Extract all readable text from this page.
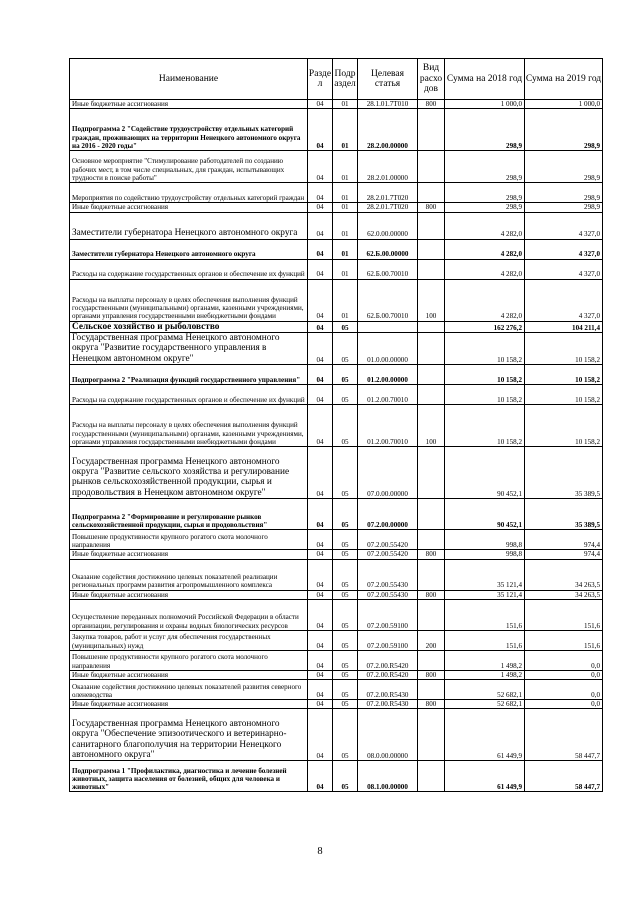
Наименование	Разде л	Подр аздел	Целевая статья	Вид расхо дов	Сумма на 2018 год	Сумма на 2019 год
Иные бюджетные ассигнования	04	01	28.1.01.7Т010	800	1 000,0	1 000,0
Подпрограмма 2 "Содействие трудоустройству отдельных категорий граждан, проживающих на территории Ненецкого автономного округа на 2016 - 2020 годы"	04	01	28.2.00.00000		298,9	298,9
Основное мероприятие "Стимулирование работодателей по созданию рабочих мест, в том числе специальных, для граждан, испытывающих трудности в поиске работы"	04	01	28.2.01.00000		298,9	298,9
Мероприятия по содействию трудоустройству отдельных категорий граждан	04	01	28.2.01.7Т020		298,9	298,9
Иные бюджетные ассигнования	04	01	28.2.01.7Т020	800	298,9	298,9
Заместители губернатора Ненецкого автономного округа	04	01	62.0.00.00000		4 282,0	4 327,0
Заместители губернатора Ненецкого автономного округа	04	01	62.Б.00.00000		4 282,0	4 327,0
Расходы на содержание государственных органов и обеспечение их функций	04	01	62.Б.00.70010		4 282,0	4 327,0
Расходы на выплаты персоналу в целях обеспечения выполнения функций государственными (муниципальными) органами, казенными учреждениями, органами управления государственными внебюджетными фондами	04	01	62.Б.00.70010	100	4 282,0	4 327,0
Сельское хозяйство и рыболовство	04	05			162 276,2	104 211,4
Государственная программа Ненецкого автономного округа "Развитие государственного управления в Ненецком автономном округе"	04	05	01.0.00.00000		10 158,2	10 158,2
Подпрограмма 2 "Реализация функций государственного управления"	04	05	01.2.00.00000		10 158,2	10 158,2
Расходы на содержание государственных органов и обеспечение их функций	04	05	01.2.00.70010		10 158,2	10 158,2
Расходы на выплаты персоналу в целях обеспечения выполнения функций государственными (муниципальными) органами, казенными учреждениями, органами управления государственными внебюджетными фондами	04	05	01.2.00.70010	100	10 158,2	10 158,2
Государственная программа Ненецкого автономного округа "Развитие сельского хозяйства и регулирование рынков сельскохозяйственной продукции, сырья и продовольствия в Ненецком автономном округе"	04	05	07.0.00.00000		90 452,1	35 389,5
Подпрограмма 2 "Формирование и регулирование рынков сельскохозяйственной продукции, сырья и продовольствия"	04	05	07.2.00.00000		90 452,1	35 389,5
Повышение продуктивности крупного рогатого скота молочного направления	04	05	07.2.00.55420		998,8	974,4
Иные бюджетные ассигнования	04	05	07.2.00.55420	800	998,8	974,4
Оказание содействия достижению целевых показателей реализации региональных программ развития агропромышленного комплекса	04	05	07.2.00.55430		35 121,4	34 263,5
Иные бюджетные ассигнования	04	05	07.2.00.55430	800	35 121,4	34 263,5
Осуществление переданных полномочий Российской Федерации в области организации, регулирования и охраны водных биологических ресурсов	04	05	07.2.00.59100		151,6	151,6
Закупка товаров, работ и услуг для обеспечения государственных (муниципальных) нужд	04	05	07.2.00.59100	200	151,6	151,6
Повышение продуктивности крупного рогатого скота молочного направления	04	05	07.2.00.R5420		1 498,2	0,0
Иные бюджетные ассигнования	04	05	07.2.00.R5420	800	1 498,2	0,0
Оказание содействия достижению целевых показателей развития северного оленеводства	04	05	07.2.00.R5430		52 682,1	0,0
Иные бюджетные ассигнования	04	05	07.2.00.R5430	800	52 682,1	0,0
Государственная программа Ненецкого автономного округа "Обеспечение эпизоотического и ветеринарно-санитарного благополучия на территории Ненецкого автономного округа"	04	05	08.0.00.00000		61 449,9	58 447,7
Подпрограмма 1 "Профилактика, диагностика и лечение болезней животных, защита населения от болезней, общих для человека и животных"	04	05	08.1.00.00000		61 449,9	58 447,7
8
